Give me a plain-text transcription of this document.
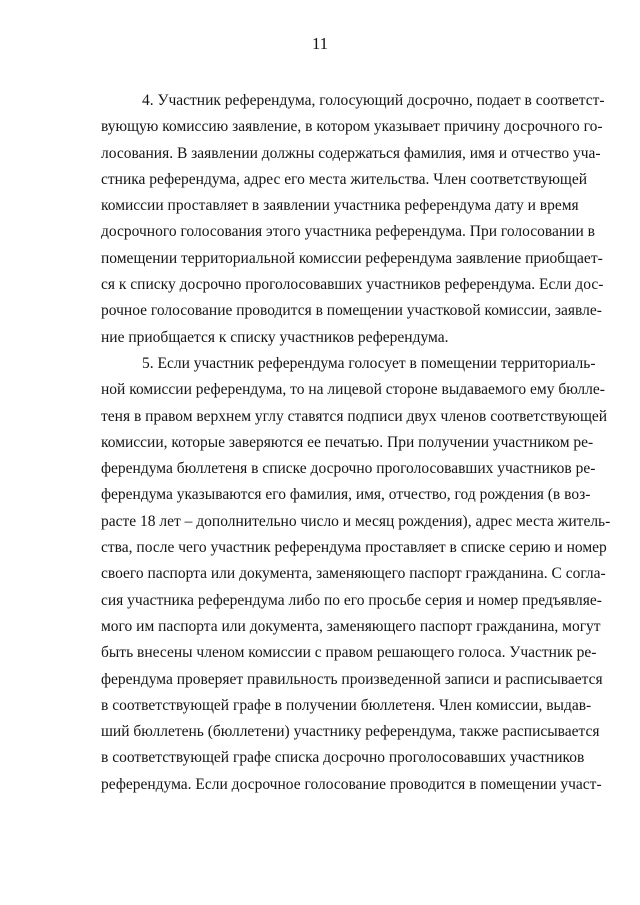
11

4. Участник референдума, голосующий досрочно, подает в соответст-
вующую комиссию заявление, в котором указывает причину досрочного го-
лосования. В заявлении должны содержаться фамилия, имя и отчество уча-
стника референдума, адрес его места жительства. Член соответствующей
комиссии проставляет в заявлении участника референдума дату и время
досрочного голосования этого участника референдума. При голосовании в
помещении территориальной комиссии референдума заявление приобщает-
ся к списку досрочно проголосовавших участников референдума. Если дос-
рочное голосование проводится в помещении участковой комиссии, заявле-
ние приобщается к списку участников референдума.

5. Если участник референдума голосует в помещении территориаль-
ной комиссии референдума, то на лицевой стороне выдаваемого ему бюлле-
теня в правом верхнем углу ставятся подписи двух членов соответствующей
комиссии, которые заверяются ее печатью. При получении участником ре-
ферендума бюллетеня в списке досрочно проголосовавших участников ре-
ферендума указываются его фамилия, имя, отчество, год рождения (в воз-
расте 18 лет – дополнительно число и месяц рождения), адрес места житель-
ства, после чего участник референдума проставляет в списке серию и номер
своего паспорта или документа, заменяющего паспорт гражданина. С согла-
сия участника референдума либо по его просьбе серия и номер предъявляе-
мого им паспорта или документа, заменяющего паспорт гражданина, могут
быть внесены членом комиссии с правом решающего голоса. Участник ре-
ферендума проверяет правильность произведенной записи и расписывается
в соответствующей графе в получении бюллетеня. Член комиссии, выдав-
ший бюллетень (бюллетени) участнику референдума, также расписывается
в соответствующей графе списка досрочно проголосовавших участников
референдума. Если досрочное голосование проводится в помещении участ-
